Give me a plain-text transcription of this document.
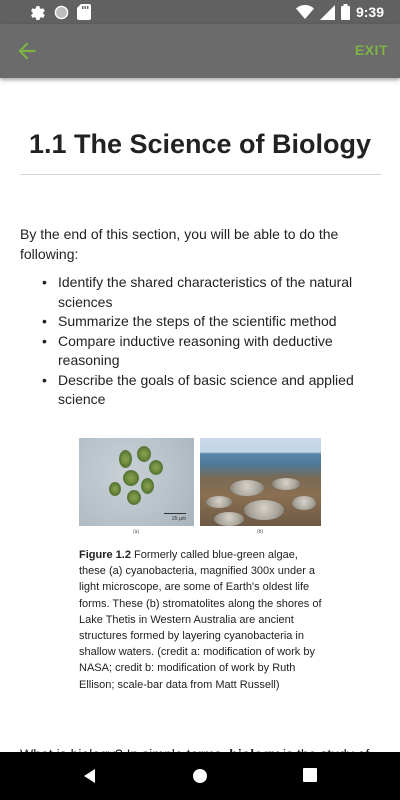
9:39
EXIT
1.1 The Science of Biology

By the end of this section, you will be able to do the following:

• Identify the shared characteristics of the natural sciences
• Summarize the steps of the scientific method
• Compare inductive reasoning with deductive reasoning
• Describe the goals of basic science and applied science
25 µm
(a)	(b)

Figure 1.2 Formerly called blue-green algae, these (a) cyanobacteria, magnified 300x under a light microscope, are some of Earth's oldest life forms. These (b) stromatolites along the shores of Lake Thetis in Western Australia are ancient structures formed by layering cyanobacteria in shallow waters. (credit a: modification of work by NASA; credit b: modification of work by Ruth Ellison; scale-bar data from Matt Russell)
